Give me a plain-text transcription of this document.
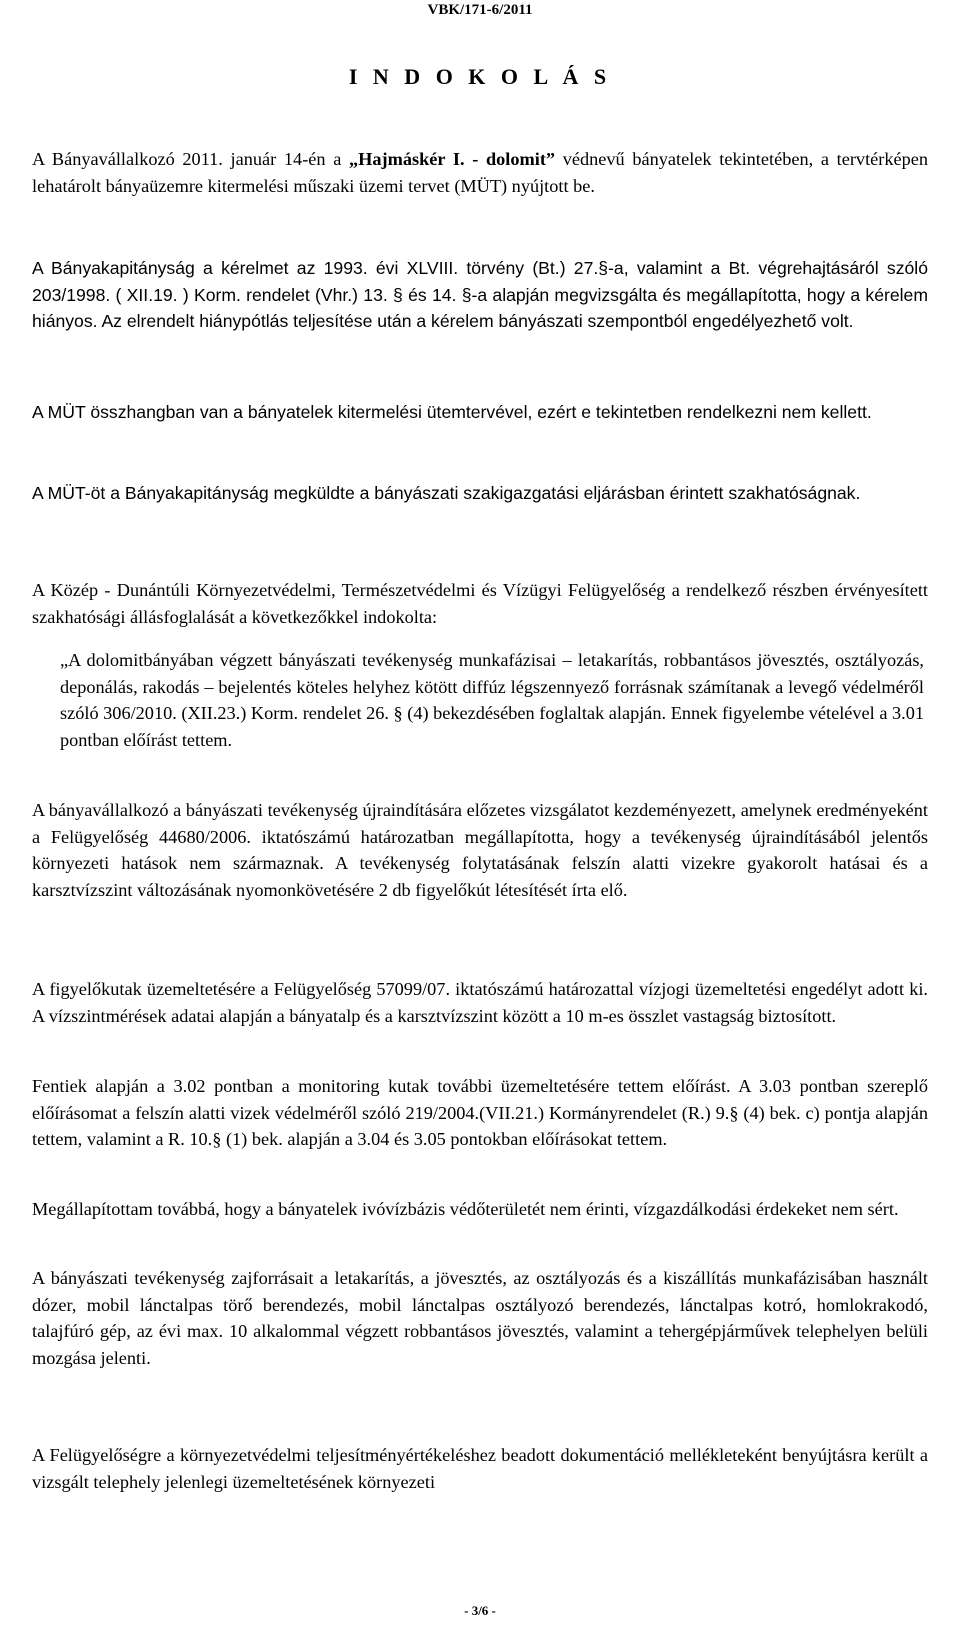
VBK/171-6/2011
I N D O K O L Á S

A Bányavállalkozó 2011. január 14-én a „Hajmáskér I. - dolomit” védnevű bányatelek tekintetében, a tervtérképen lehatárolt bányaüzemre kitermelési műszaki üzemi tervet (MÜT) nyújtott be.

A Bányakapitányság a kérelmet az 1993. évi XLVIII. törvény (Bt.) 27.§-a, valamint a Bt. végrehajtásáról szóló 203/1998. ( XII.19. ) Korm. rendelet (Vhr.) 13. § és 14. §-a alapján megvizsgálta és megállapította, hogy a kérelem hiányos. Az elrendelt hiánypótlás teljesítése után a kérelem bányászati szempontból engedélyezhető volt.

A MÜT összhangban van a bányatelek kitermelési ütemtervével, ezért e tekintetben rendelkezni nem kellett.

A MÜT-öt a Bányakapitányság megküldte a bányászati szakigazgatási eljárásban érintett szakhatóságnak.

A Közép - Dunántúli Környezetvédelmi, Természetvédelmi és Vízügyi Felügyelőség a rendelkező részben érvényesített szakhatósági állásfoglalását a következőkkel indokolta:

„A dolomitbányában végzett bányászati tevékenység munkafázisai – letakarítás, robbantásos jövesztés, osztályozás, deponálás, rakodás – bejelentés köteles helyhez kötött diffúz légszennyező forrásnak számítanak a levegő védelméről szóló 306/2010. (XII.23.) Korm. rendelet 26. § (4) bekezdésében foglaltak alapján. Ennek figyelembe vételével a 3.01 pontban előírást tettem.

A bányavállalkozó a bányászati tevékenység újraindítására előzetes vizsgálatot kezdeményezett, amelynek eredményeként a Felügyelőség 44680/2006. iktatószámú határozatban megállapította, hogy a tevékenység újraindításából jelentős környezeti hatások nem származnak. A tevékenység folytatásának felszín alatti vizekre gyakorolt hatásai és a karsztvízszint változásának nyomonkövetésére 2 db figyelőkút létesítését írta elő.

A figyelőkutak üzemeltetésére a Felügyelőség 57099/07. iktatószámú határozattal vízjogi üzemeltetési engedélyt adott ki. A vízszintmérések adatai alapján a bányatalp és a karsztvízszint között a 10 m-es összlet vastagság biztosított.

Fentiek alapján a 3.02 pontban a monitoring kutak további üzemeltetésére tettem előírást. A 3.03 pontban szereplő előírásomat a felszín alatti vizek védelméről szóló 219/2004.(VII.21.) Kormányrendelet (R.) 9.§ (4) bek. c) pontja alapján tettem, valamint a R. 10.§ (1) bek. alapján a 3.04 és 3.05 pontokban előírásokat tettem.

Megállapítottam továbbá, hogy a bányatelek ivóvízbázis védőterületét nem érinti, vízgazdálkodási érdekeket nem sért.

A bányászati tevékenység zajforrásait a letakarítás, a jövesztés, az osztályozás és a kiszállítás munkafázisában használt dózer, mobil lánctalpas törő berendezés, mobil lánctalpas osztályozó berendezés, lánctalpas kotró, homlokrakodó, talajfúró gép, az évi max. 10 alkalommal végzett robbantásos jövesztés, valamint a tehergépjárművek telephelyen belüli mozgása jelenti.

A Felügyelőségre a környezetvédelmi teljesítményértékeléshez beadott dokumentáció mellékleteként benyújtásra került a vizsgált telephely jelenlegi üzemeltetésének környezeti

- 3/6 -
